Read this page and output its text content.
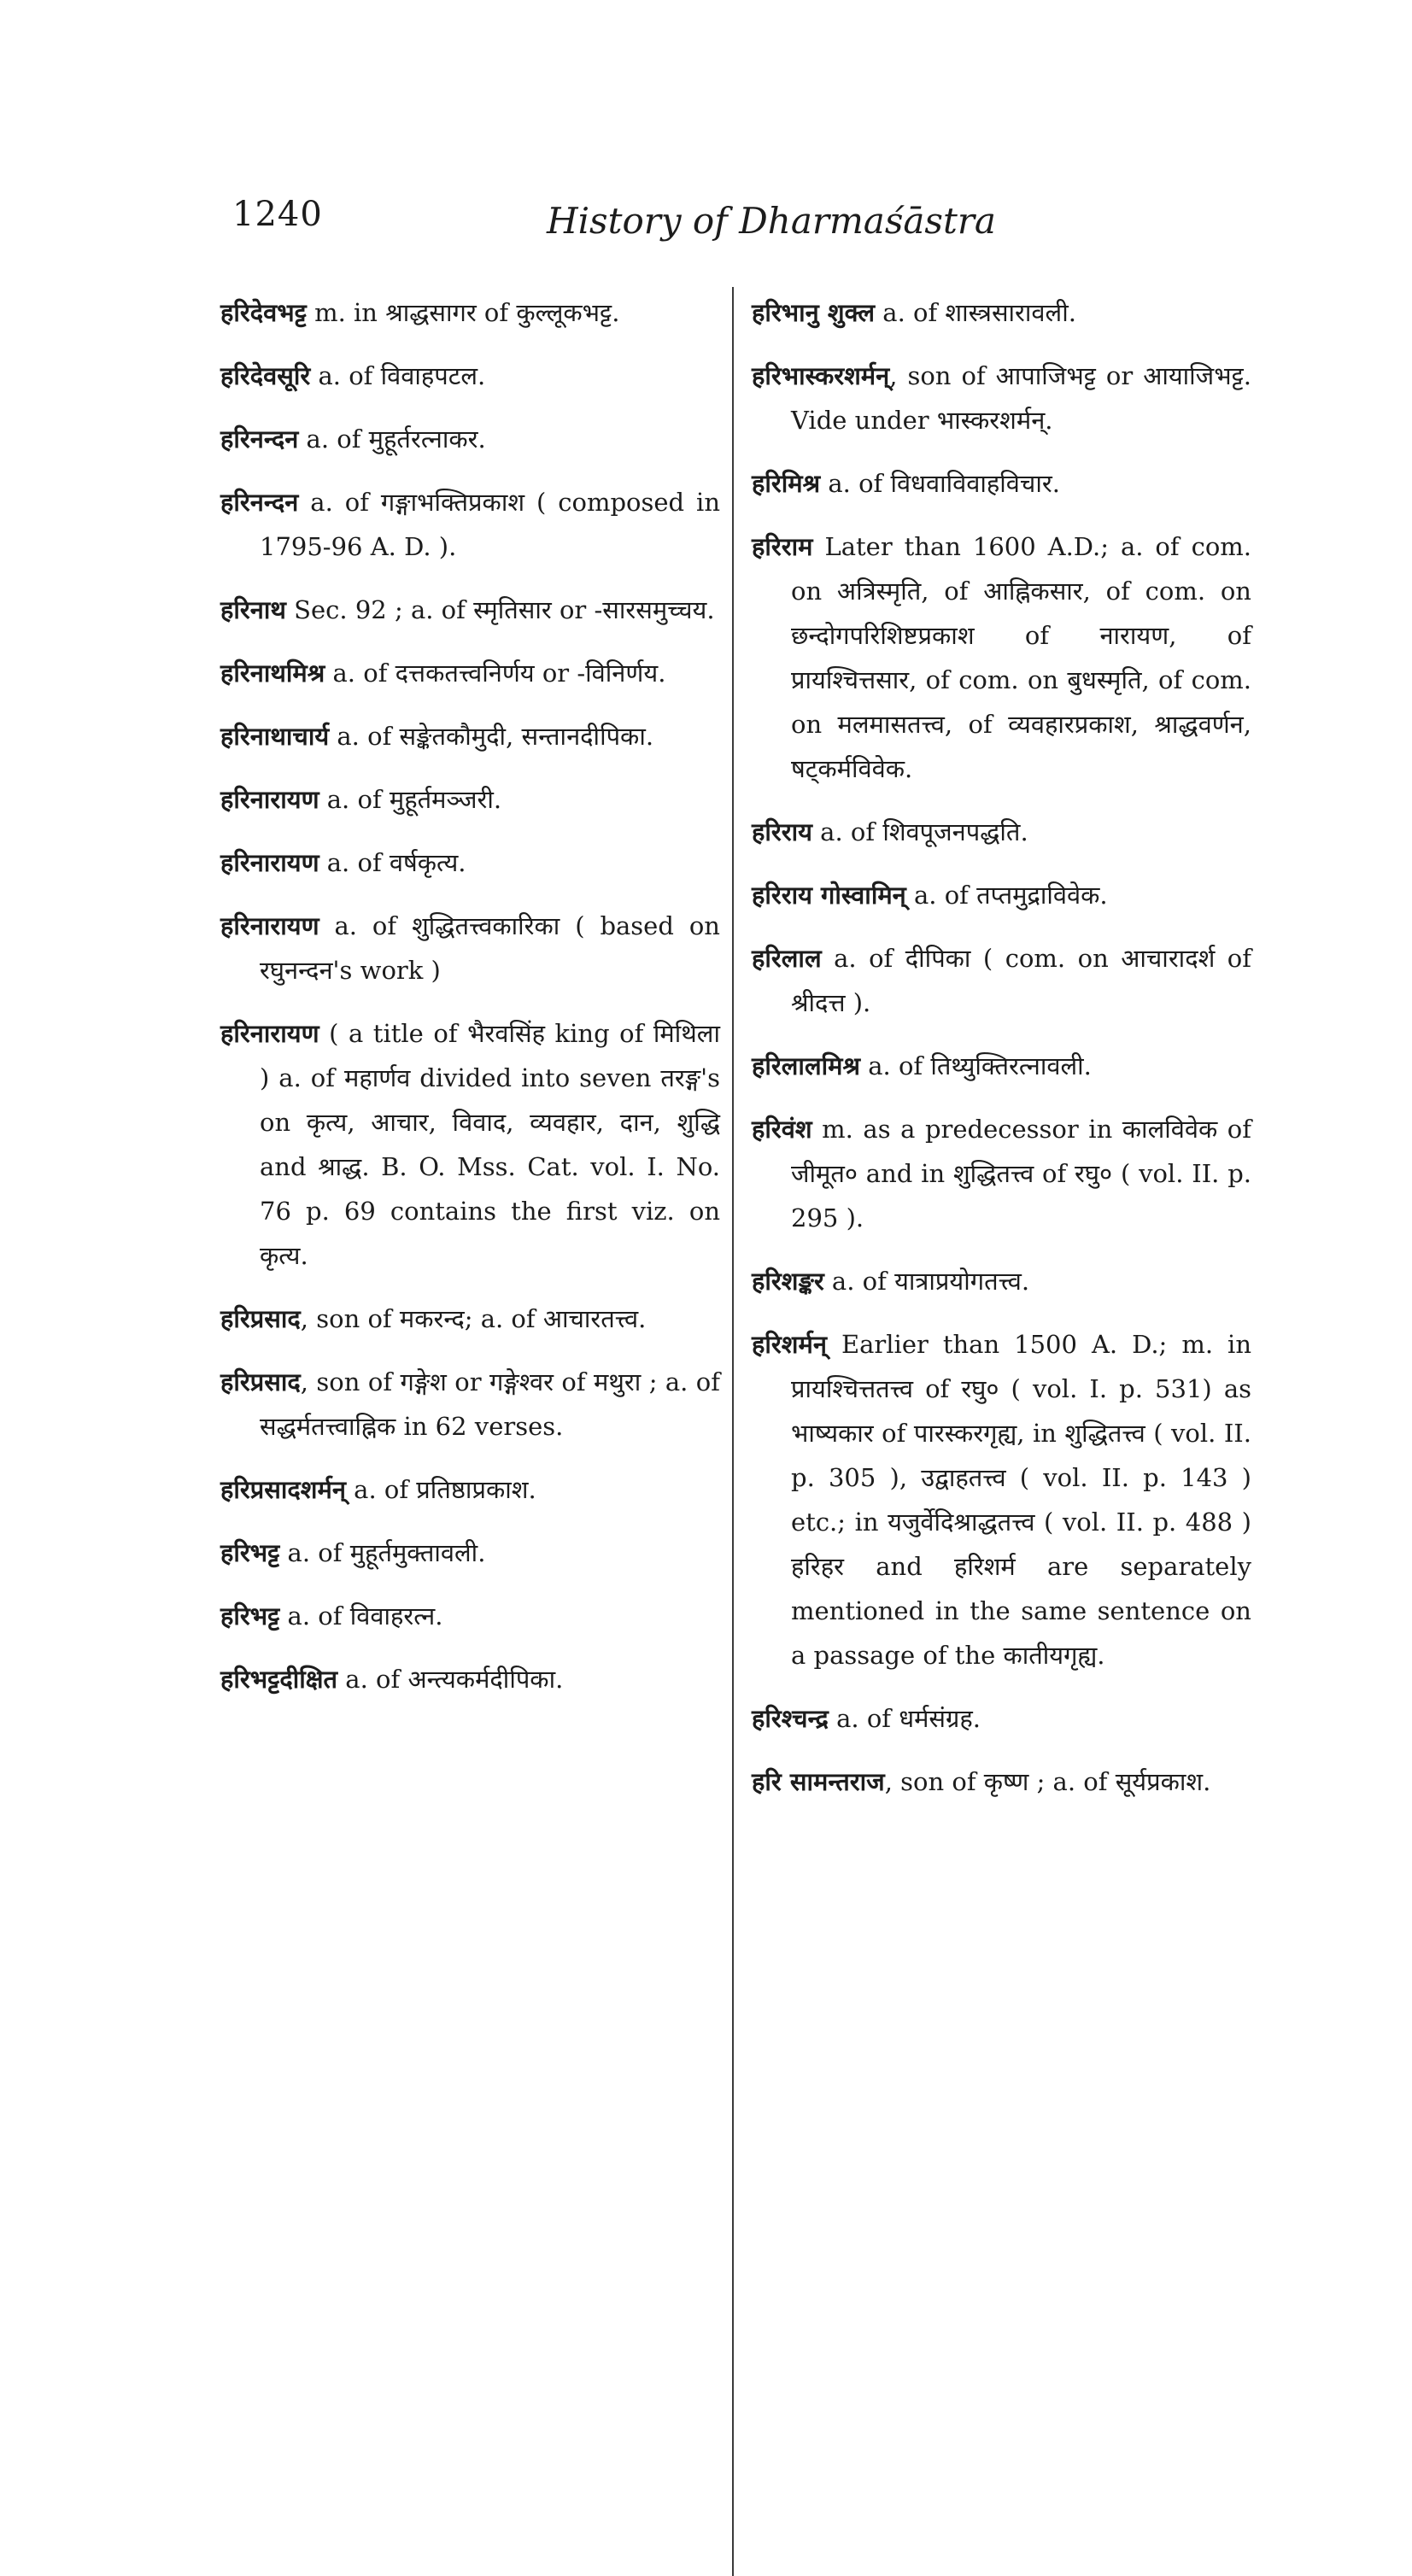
1240	History of Dharmaśāstra

हरिदेवभट्ट m. in श्राद्धसागर of कुल्लूकभट्ट.

हरिदेवसूरि a. of विवाहपटल.

हरिनन्दन a. of मुहूर्तरत्नाकर.

हरिनन्दन a. of गङ्गाभक्तिप्रकाश ( composed in 1795-96 A. D. ).

हरिनाथ Sec. 92 ; a. of स्मृतिसार or -सारसमुच्चय.

हरिनाथमिश्र a. of दत्तकतत्त्वनिर्णय or -विनिर्णय.

हरिनाथाचार्य a. of सङ्केतकौमुदी, सन्तानदीपिका.

हरिनारायण a. of मुहूर्तमञ्जरी.

हरिनारायण a. of वर्षकृत्य.

हरिनारायण a. of शुद्धितत्त्वकारिका ( based on रघुनन्दन's work )

हरिनारायण ( a title of भैरवसिंह king of मिथिला ) a. of महार्णव divided into seven तरङ्ग's on कृत्य, आचार, विवाद, व्यवहार, दान, शुद्धि and श्राद्ध. B. O. Mss. Cat. vol. I. No. 76 p. 69 contains the first viz. on कृत्य.

हरिप्रसाद, son of मकरन्द; a. of आचारतत्त्व.

हरिप्रसाद, son of गङ्गेश or गङ्गेश्वर of मथुरा ; a. of सद्धर्मतत्त्वाह्निक in 62 verses.

हरिप्रसादशर्मन् a. of प्रतिष्ठाप्रकाश.

हरिभट्ट a. of मुहूर्तमुक्तावली.

हरिभट्ट a. of विवाहरत्न.

हरिभट्टदीक्षित a. of अन्त्यकर्मदीपिका.

हरिभानु शुक्ल a. of शास्त्रसारावली.

हरिभास्करशर्मन्, son of आपाजिभट्ट or आयाजिभट्ट. Vide under भास्करशर्मन्.

हरिमिश्र a. of विधवाविवाहविचार.

हरिराम Later than 1600 A.D.; a. of com. on अत्रिस्मृति, of आह्निकसार, of com. on छन्दोगपरिशिष्टप्रकाश of नारायण, of प्रायश्चित्तसार, of com. on बुधस्मृति, of com. on मलमासतत्त्व, of व्यवहारप्रकाश, श्राद्धवर्णन, षट्कर्मविवेक.

हरिराय a. of शिवपूजनपद्धति.

हरिराय गोस्वामिन् a. of तप्तमुद्राविवेक.

हरिलाल a. of दीपिका ( com. on आचारादर्श of श्रीदत्त ).

हरिलालमिश्र a. of तिथ्युक्तिरत्नावली.

हरिवंश m. as a predecessor in कालविवेक of जीमूत० and in शुद्धितत्त्व of रघु० ( vol. II. p. 295 ).

हरिशङ्कर a. of यात्राप्रयोगतत्त्व.

हरिशर्मन् Earlier than 1500 A. D.; m. in प्रायश्चित्ततत्त्व of रघु० ( vol. I. p. 531) as भाष्यकार of पारस्करगृह्य, in शुद्धितत्त्व ( vol. II. p. 305 ), उद्वाहतत्त्व ( vol. II. p. 143 ) etc.; in यजुर्वेदिश्राद्धतत्त्व ( vol. II. p. 488 ) हरिहर and हरिशर्म are separately mentioned in the same sentence on a passage of the कातीयगृह्य.

हरिश्चन्द्र a. of धर्मसंग्रह.

हरि सामन्तराज, son of कृष्ण ; a. of सूर्यप्रकाश.
